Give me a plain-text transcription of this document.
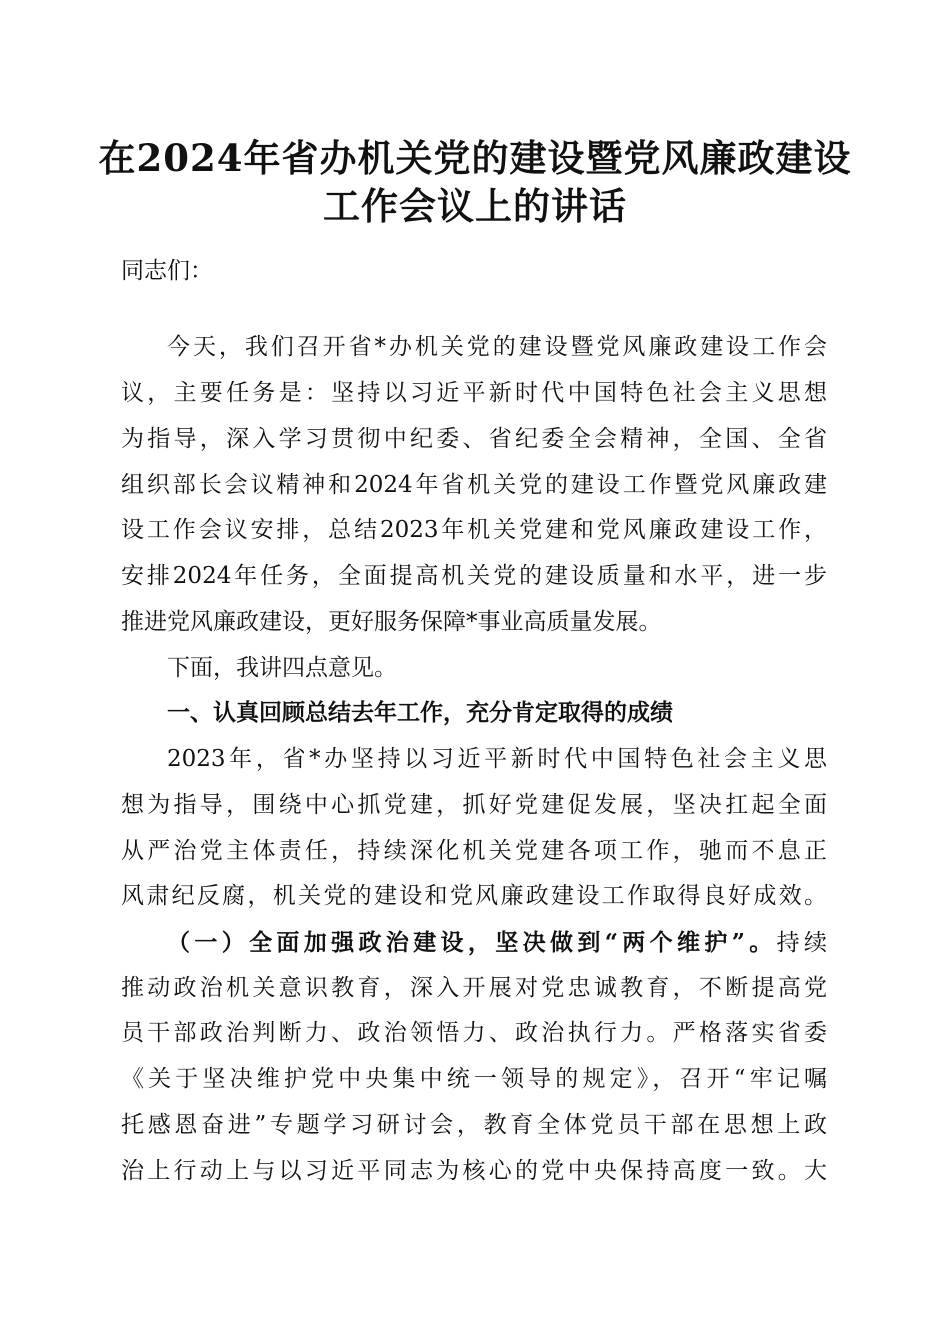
在2024年省办机关党的建设暨党风廉政建设
工作会议上的讲话

同志们：

今天，我们召开省*办机关党的建设暨党风廉政建设工作会

议，主要任务是：坚持以习近平新时代中国特色社会主义思想

为指导，深入学习贯彻中纪委、省纪委全会精神，全国、全省

组织部长会议精神和2024年省机关党的建设工作暨党风廉政建

设工作会议安排，总结2023年机关党建和党风廉政建设工作，

安排2024年任务，全面提高机关党的建设质量和水平，进一步

推进党风廉政建设，更好服务保障*事业高质量发展。

下面，我讲四点意见。

一、认真回顾总结去年工作，充分肯定取得的成绩

2023年，省*办坚持以习近平新时代中国特色社会主义思

想为指导，围绕中心抓党建，抓好党建促发展，坚决扛起全面

从严治党主体责任，持续深化机关党建各项工作，驰而不息正

风肃纪反腐，机关党的建设和党风廉政建设工作取得良好成效。

（一）全面加强政治建设，坚决做到“两个维护”。持续

推动政治机关意识教育，深入开展对党忠诚教育，不断提高党

员干部政治判断力、政治领悟力、政治执行力。严格落实省委

《关于坚决维护党中央集中统一领导的规定》，召开“牢记嘱

托感恩奋进”专题学习研讨会，教育全体党员干部在思想上政

治上行动上与以习近平同志为核心的党中央保持高度一致。大
